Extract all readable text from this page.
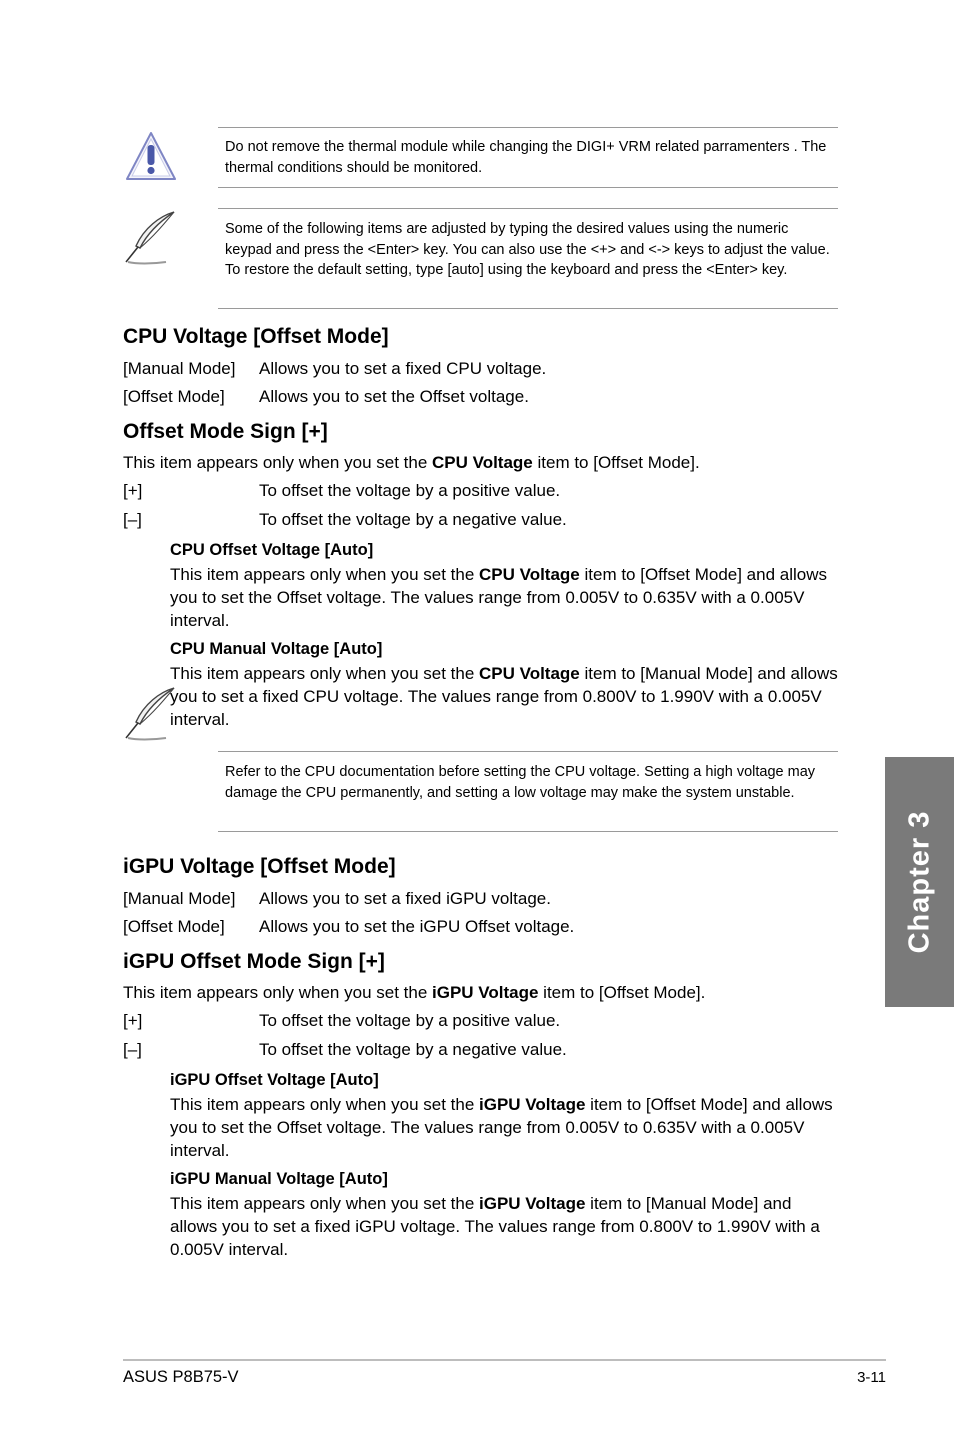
Do not remove the thermal module while changing the DIGI+ VRM related parramenters . The thermal conditions should be monitored.
Some of the following items are adjusted by typing the desired values using the numeric keypad and press the <Enter> key. You can also use the <+> and <-> keys to adjust the value. To restore the default setting, type [auto] using the keyboard and press the <Enter> key.
CPU Voltage [Offset Mode]
[Manual Mode] Allows you to set a fixed CPU voltage.
[Offset Mode] Allows you to set the Offset voltage.
Offset Mode Sign [+]
This item appears only when you set the CPU Voltage item to [Offset Mode].
[+]	To offset the voltage by a positive value.
[–]	To offset the voltage by a negative value.
CPU Offset Voltage [Auto]
This item appears only when you set the CPU Voltage item to [Offset Mode] and allows you to set the Offset voltage. The values range from 0.005V to 0.635V with a 0.005V interval.
CPU Manual Voltage [Auto]
This item appears only when you set the CPU Voltage item to [Manual Mode] and allows you to set a fixed CPU voltage. The values range from 0.800V to 1.990V with a 0.005V interval.
Refer to the CPU documentation before setting the CPU voltage. Setting a high voltage may damage the CPU permanently, and setting a low voltage may make the system unstable.
iGPU Voltage [Offset Mode]
[Manual Mode] Allows you to set a fixed iGPU voltage.
[Offset Mode] Allows you to set the iGPU Offset voltage.
iGPU Offset Mode Sign [+]
This item appears only when you set the iGPU Voltage item to [Offset Mode].
[+]	To offset the voltage by a positive value.
[–]	To offset the voltage by a negative value.
iGPU Offset Voltage [Auto]
This item appears only when you set the iGPU Voltage item to [Offset Mode] and allows you to set the Offset voltage. The values range from 0.005V to 0.635V with a 0.005V interval.
iGPU Manual Voltage [Auto]
This item appears only when you set the iGPU Voltage item to [Manual Mode] and allows you to set a fixed iGPU voltage. The values range from 0.800V to 1.990V with a 0.005V interval.
Chapter 3
ASUS P8B75-V	3-11
